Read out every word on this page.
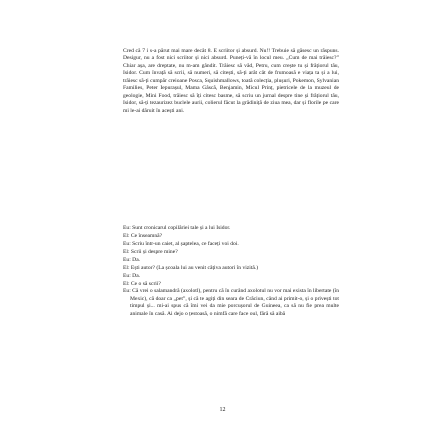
Cred că 7 i s-a părut mai mare decât 8. E scriitor și absurd. Nu!! Trebuie să găsesc un răspuns. Desigur, nu a fost nici scriitor și nici absurd. Puneți-vă în locul meu. „Cum de mai trăiesc?” Chiar așa, are dreptate, nu m-am gândit. Trăiesc să văd, Petru, cum crește tu și frățiorul tău, Isidor. Cum învață să scrii, să numeri, să citești, să-ți arăt cât de frumoasă e viața ta și a lui, trăiesc să-ți cumpăr creioane Posca, Squishmallows, toată colecția, plușuri, Pokemon, Sylvanian Families, Peter Iepurașul, Mama Gâscă, Benjamin, Micul Prinț, pietricele de la muzeul de geologie, Mini Food, trăiesc să îți citesc basme, să scriu un jurnal despre tine și frățiorul tău, Isidor, să-ți tezaurizez buclele aurii, colierul făcut la grădiniță de ziua mea, dar și florile pe care mi le-ai dăruit în acești ani.

Eu: Sunt cronicarul copilăriei tale și a lui Isidor.
El: Ce înseamnă?
Eu: Scriu într-un caiet, al șaptelea, ce faceți voi doi.
El: Scrii și despre mine?
Eu: Da.
El: Ești autor? (La școala lui au venit câțiva autori în vizită.)
Eu: Da.
El: Ce o să scrii?
Eu: Că vrei o salamandră (axolotl), pentru că în curând axolotul nu vor mai exista în libertate (în Mexic), că doar ca „pet”, și că te agiți din seara de Crăciun, când ai primit-o, și o privești tot timpul și... mi-ai spus că îmi vei da mie porcușorul de Guineea, ca să nu fie prea multe animale în casă. Ai dejo o țestoasă, o nimfă care face oul, fără să aibă
12
